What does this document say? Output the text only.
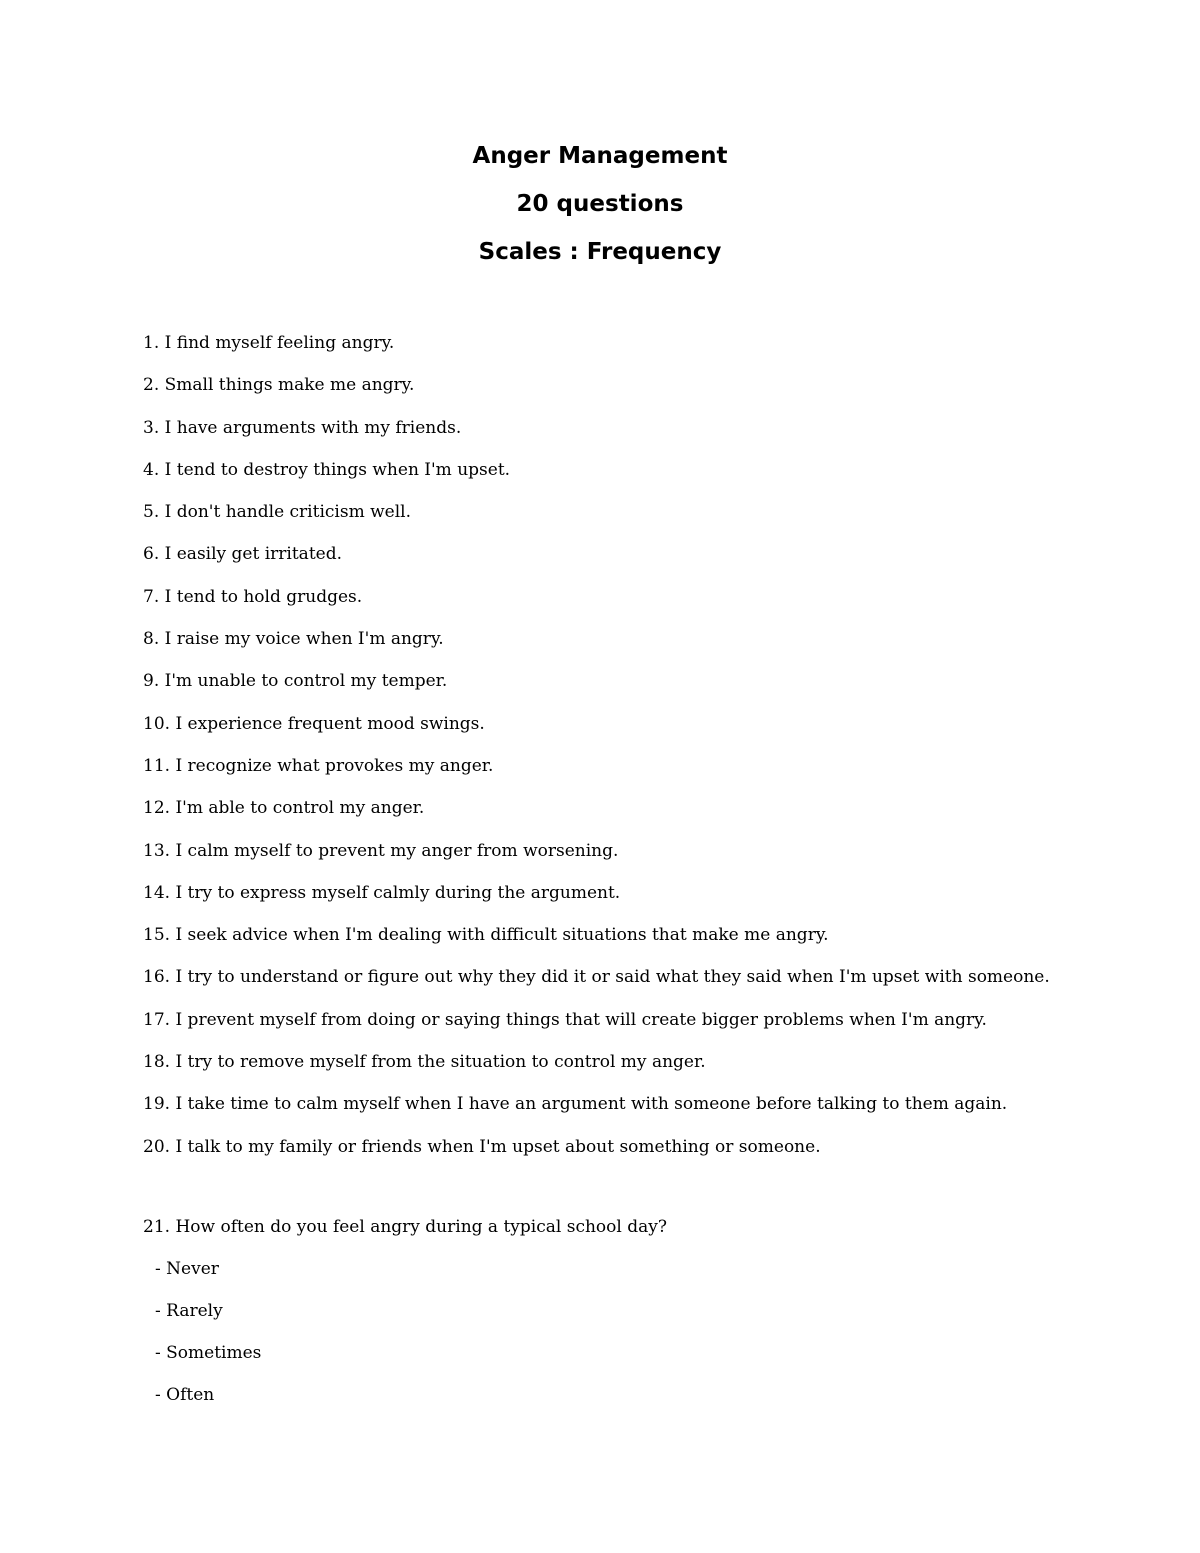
Anger Management
20 questions
Scales : Frequency
1. I find myself feeling angry.
2. Small things make me angry.
3. I have arguments with my friends.
4. I tend to destroy things when I'm upset.
5. I don't handle criticism well.
6. I easily get irritated.
7. I tend to hold grudges.
8. I raise my voice when I'm angry.
9. I'm unable to control my temper.
10. I experience frequent mood swings.
11. I recognize what provokes my anger.
12. I'm able to control my anger.
13. I calm myself to prevent my anger from worsening.
14. I try to express myself calmly during the argument.
15. I seek advice when I'm dealing with difficult situations that make me angry.
16. I try to understand or figure out why they did it or said what they said when I'm upset with someone.
17. I prevent myself from doing or saying things that will create bigger problems when I'm angry.
18. I try to remove myself from the situation to control my anger.
19. I take time to calm myself when I have an argument with someone before talking to them again.
20. I talk to my family or friends when I'm upset about something or someone.
21. How often do you feel angry during a typical school day?
- Never
- Rarely
- Sometimes
- Often
